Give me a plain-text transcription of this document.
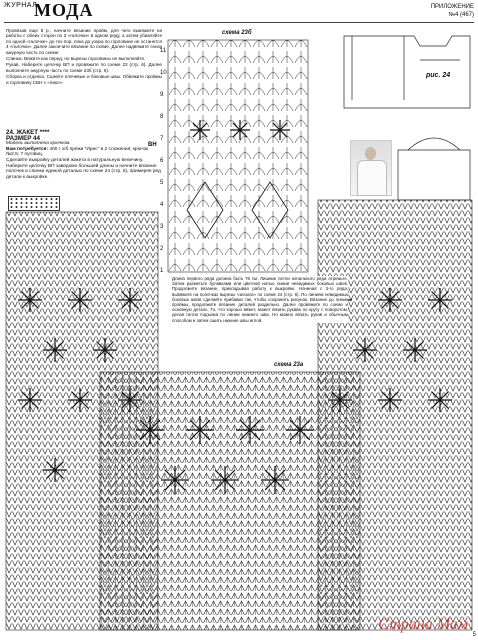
ЖУРНАЛ
МОДА	ПРИЛОЖЕНИЕ
№4 (467)

Провязав еще 8 р., начните вязание пройм, для чего вывяжите на работы с обеих сторон по 3 «галочки» в одном ряду, а затем убавляйте по одной «галочке» до тех пор, пока до узора по горловине не останется 4 «галочки». Далее закончите вязание по схеме. Далее надвяжите снизу ажурную часть по схеме.

Спинка. Вяжите как перед, но вырезы горловины не выполняйте.

Рукав. Наберите цепочку ВП и провяжите по схеме 23 (стр. 6). Далее выполните ажурную часть по схеме 23б (стр. 6).

Сборка и отделка. Сшейте плечевые и боковые швы. Обвяжите проймы и горловину СБН с «пико».

24. ЖАКЕТ ****
РАЗМЕР 44
Модель выполнена крючком.
Вам потребуется: 400 г х/б пряжи "Ирис" в 2 сложения; крючок №2,5; 7 пуговиц.
Сделайте выкройку деталей жакета в натуральную величину. Наберите цепочку ВП заведомо большей длины и начните вязание полочек и спинки единой деталью по схеме 24 (стр. 5), примеряя ряд детали к выкройке.
схема 23б
схема 23а
рис. 24
ВН
1
2
3
4
5
6
7
8
9
10
11
Длина первого ряда должна быть 76 см. Лишние петли начального ряда отрежьте. Затем разметьте булавками или цветной нитью линии невидимых боковых швов. Продолжите вязание, прикладывая работу к выкройке. Начиная с 3-го ряда, вывяжите на полочках вырезы «зигзага» по схеме 24 (стр. 6). По линиям невидимых боковых швов сделайте прибавки так, чтобы сохранить рисунок. Вязание до линии проймы, продолжите вязание деталей раздельно. Далее провяжите по схеме и основную деталь. То, что хорошо вяжет, может вязать рукава по кругу с поворотом, делая петли подъема по линии нижнего шва. Но можно вязать рукав и обычным способом и затем сшить нижние швы иглой.
Страна Мам
5
